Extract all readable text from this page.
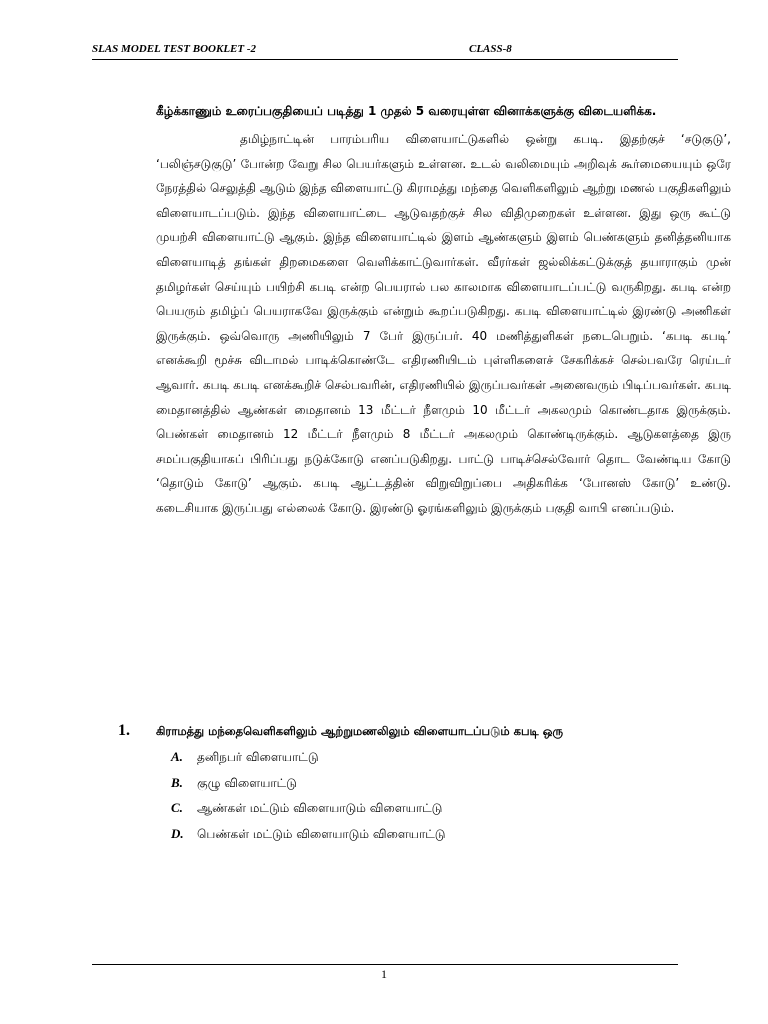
SLAS MODEL TEST BOOKLET -2	CLASS-8
கீழ்க்காணும் உரைப்பகுதியைப் படித்து 1 முதல் 5 வரையுள்ள வினாக்களுக்கு விடையளிக்க.
தமிழ்நாட்டின் பாரம்பரிய விளையாட்டுகளில் ஒன்று கபடி. இதற்குச் ‘சடுகுடு’, ‘பலிஞ்சடுகுடு’ போன்ற வேறு சில பெயர்களும் உள்ளன. உடல் வலிமையும் அறிவுக் கூர்மையையும் ஒரே நேரத்தில் செலுத்தி ஆடும் இந்த விளையாட்டு கிராமத்து மந்தை வெளிகளிலும் ஆற்று மணல் பகுதிகளிலும் விளையாடப்படும். இந்த விளையாட்டை ஆடுவதற்குச் சில விதிமுறைகள் உள்ளன. இது ஒரு கூட்டு முயற்சி விளையாட்டு ஆகும். இந்த விளையாட்டில் இளம் ஆண்களும் இளம் பெண்களும் தனித்தனியாக விளையாடித் தங்கள் திறமைகளை வெளிக்காட்டுவார்கள். வீரர்கள் ஜல்லிக்கட்டுக்குத் தயாராகும் முன் தமிழர்கள் செய்யும் பயிற்சி கபடி என்ற பெயரால் பல காலமாக விளையாடப்பட்டு வருகிறது. கபடி என்ற பெயரும் தமிழ்ப் பெயராகவே இருக்கும் என்றும் கூறப்படுகிறது. கபடி விளையாட்டில் இரண்டு அணிகள் இருக்கும். ஒவ்வொரு அணியிலும் 7 பேர் இருப்பர். 40 மணித்துளிகள் நடைபெறும். ‘கபடி கபடி’ எனக்கூறி மூச்சு விடாமல் பாடிக்கொண்டே எதிரணியிடம் புள்ளிகளைச் சேகரிக்கச் செல்பவரே ரெய்டர் ஆவார். கபடி கபடி எனக்கூறிச் செல்பவரின், எதிரணியில் இருப்பவர்கள் அனைவரும் பிடிப்பவர்கள். கபடி மைதானத்தில் ஆண்கள் மைதானம் 13 மீட்டர் நீளமும் 10 மீட்டர் அகலமும் கொண்டதாக இருக்கும். பெண்கள் மைதானம் 12 மீட்டர் நீளமும் 8 மீட்டர் அகலமும் கொண்டிருக்கும். ஆடுகளத்தை இரு சமப்பகுதியாகப் பிரிப்பது நடுக்கோடு எனப்படுகிறது. பாட்டு பாடிச்செல்வோர் தொட வேண்டிய கோடு ‘தொடும் கோடு’ ஆகும். கபடி ஆட்டத்தின் விறுவிறுப்பை அதிகரிக்க ‘போனஸ் கோடு’ உண்டு. கடைசியாக இருப்பது எல்லைக் கோடு. இரண்டு ஓரங்களிலும் இருக்கும் பகுதி வாபி எனப்படும்.
1. கிராமத்து மந்தைவெளிகளிலும் ஆற்றுமணலிலும் விளையாடப்படும் கபடி ஒரு
A. தனிநபர் விளையாட்டு
B. குழு விளையாட்டு
C. ஆண்கள் மட்டும் விளையாடும் விளையாட்டு
D. பெண்கள் மட்டும் விளையாடும் விளையாட்டு
1
